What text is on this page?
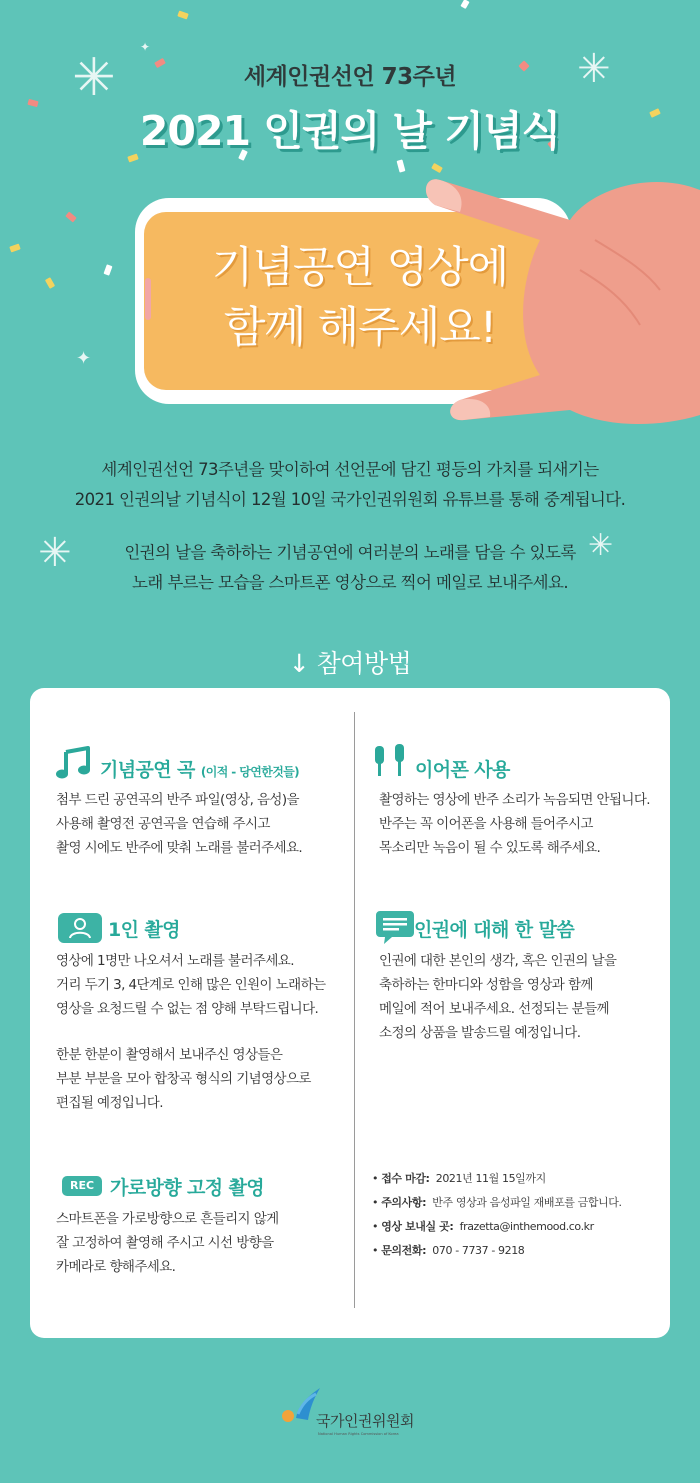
✳	✳
✦
✦
✳	✳
세계인권선언 73주년
2021 인권의 날 기념식
기념공연 영상에
함께 해주세요!
세계인권선언 73주년을 맞이하여 선언문에 담긴 평등의 가치를 되새기는
2021 인권의날 기념식이 12월 10일 국가인권위원회 유튜브를 통해 중계됩니다.
인권의 날을 축하하는 기념공연에 여러분의 노래를 담을 수 있도록
노래 부르는 모습을 스마트폰 영상으로 찍어 메일로 보내주세요.
↓ 참여방법
기념공연 곡 (이적 - 당연한것들)
첨부 드린 공연곡의 반주 파일(영상, 음성)을
사용해 촬영전 공연곡을 연습해 주시고
촬영 시에도 반주에 맞춰 노래를 불러주세요.
이어폰 사용
촬영하는 영상에 반주 소리가 녹음되면 안됩니다.
반주는 꼭 이어폰을 사용해 들어주시고
목소리만 녹음이 될 수 있도록 해주세요.
1인 촬영
영상에 1명만 나오셔서 노래를 불러주세요.
거리 두기 3, 4단계로 인해 많은 인원이 노래하는
영상을 요청드릴 수 없는 점 양해 부탁드립니다.
한분 한분이 촬영해서 보내주신 영상들은
부분 부분을 모아 합창곡 형식의 기념영상으로
편집될 예정입니다.
인권에 대해 한 말씀
인권에 대한 본인의 생각, 혹은 인권의 날을
축하하는 한마디와 성함을 영상과 함께
메일에 적어 보내주세요. 선정되는 분들께
소정의 상품을 발송드릴 예정입니다.
REC 가로방향 고정 촬영
스마트폰을 가로방향으로 흔들리지 않게
잘 고정하여 촬영해 주시고 시선 방향을
카메라로 향해주세요.
• 접수 마감: 2021년 11월 15일까지
• 주의사항: 반주 영상과 음성파일 재배포를 금합니다.
• 영상 보내실 곳: frazetta@inthemood.co.kr
• 문의전화: 070 - 7737 - 9218
국가인권위원회
National Human Rights Commission of Korea
